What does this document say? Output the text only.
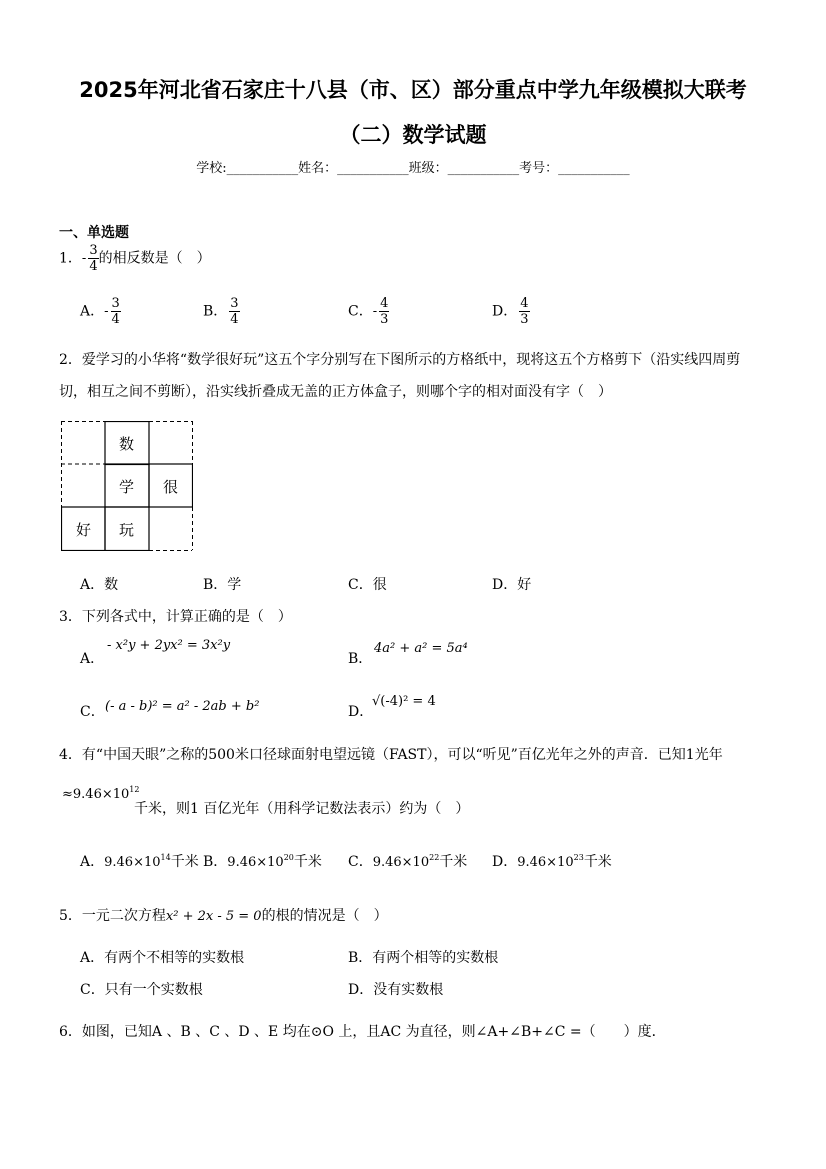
2025年河北省石家庄十八县（市、区）部分重点中学九年级模拟大联考
（二）数学试题
学校:___________姓名：___________班级：___________考号：___________
一、单选题
1．- $\frac{3}{4}$ 的相反数是（　）
A．- $\frac{3}{4}$	B． $\frac{3}{4}$	C．- $\frac{4}{3}$	D． $\frac{4}{3}$
2．爱学习的小华将“数学很好玩”这五个字分别写在下图所示的方格纸中，现将这五个方格剪下（沿实线四周剪
切，相互之间不剪断），沿实线折叠成无盖的正方体盒子，则哪个字的相对面没有字（　）
数
学	很
好	玩
A．数	B．学	C．很	D．好
3．下列各式中，计算正确的是（　）
A．
- x²y + 2yx² = 3x²y
B．
4a² + a² = 5a⁴
C． (- a - b)² = a² - 2ab + b²	D．
√(-4)² = 4
4．有“中国天眼”之称的500米口径球面射电望远镜（FAST），可以“听见”百亿光年之外的声音．已知1光年
$\approx 9.46\times 10^{12}$
千米，则1 百亿光年（用科学记数法表示）约为（　）
A．$9.46\times 10^{14}$千米 B．$9.46\times 10^{20}$千米 C．$9.46\times 10^{22}$千米 D．$9.46\times 10^{23}$千米
5．一元二次方程x² + 2x - 5 = 0的根的情况是（　）
A．有两个不相等的实数根	B．有两个相等的实数根
C．只有一个实数根	D．没有实数根
6．如图，已知A 、B 、C 、D 、E 均在⊙O 上，且AC 为直径，则∠A+∠B+∠C =（　　）度．
